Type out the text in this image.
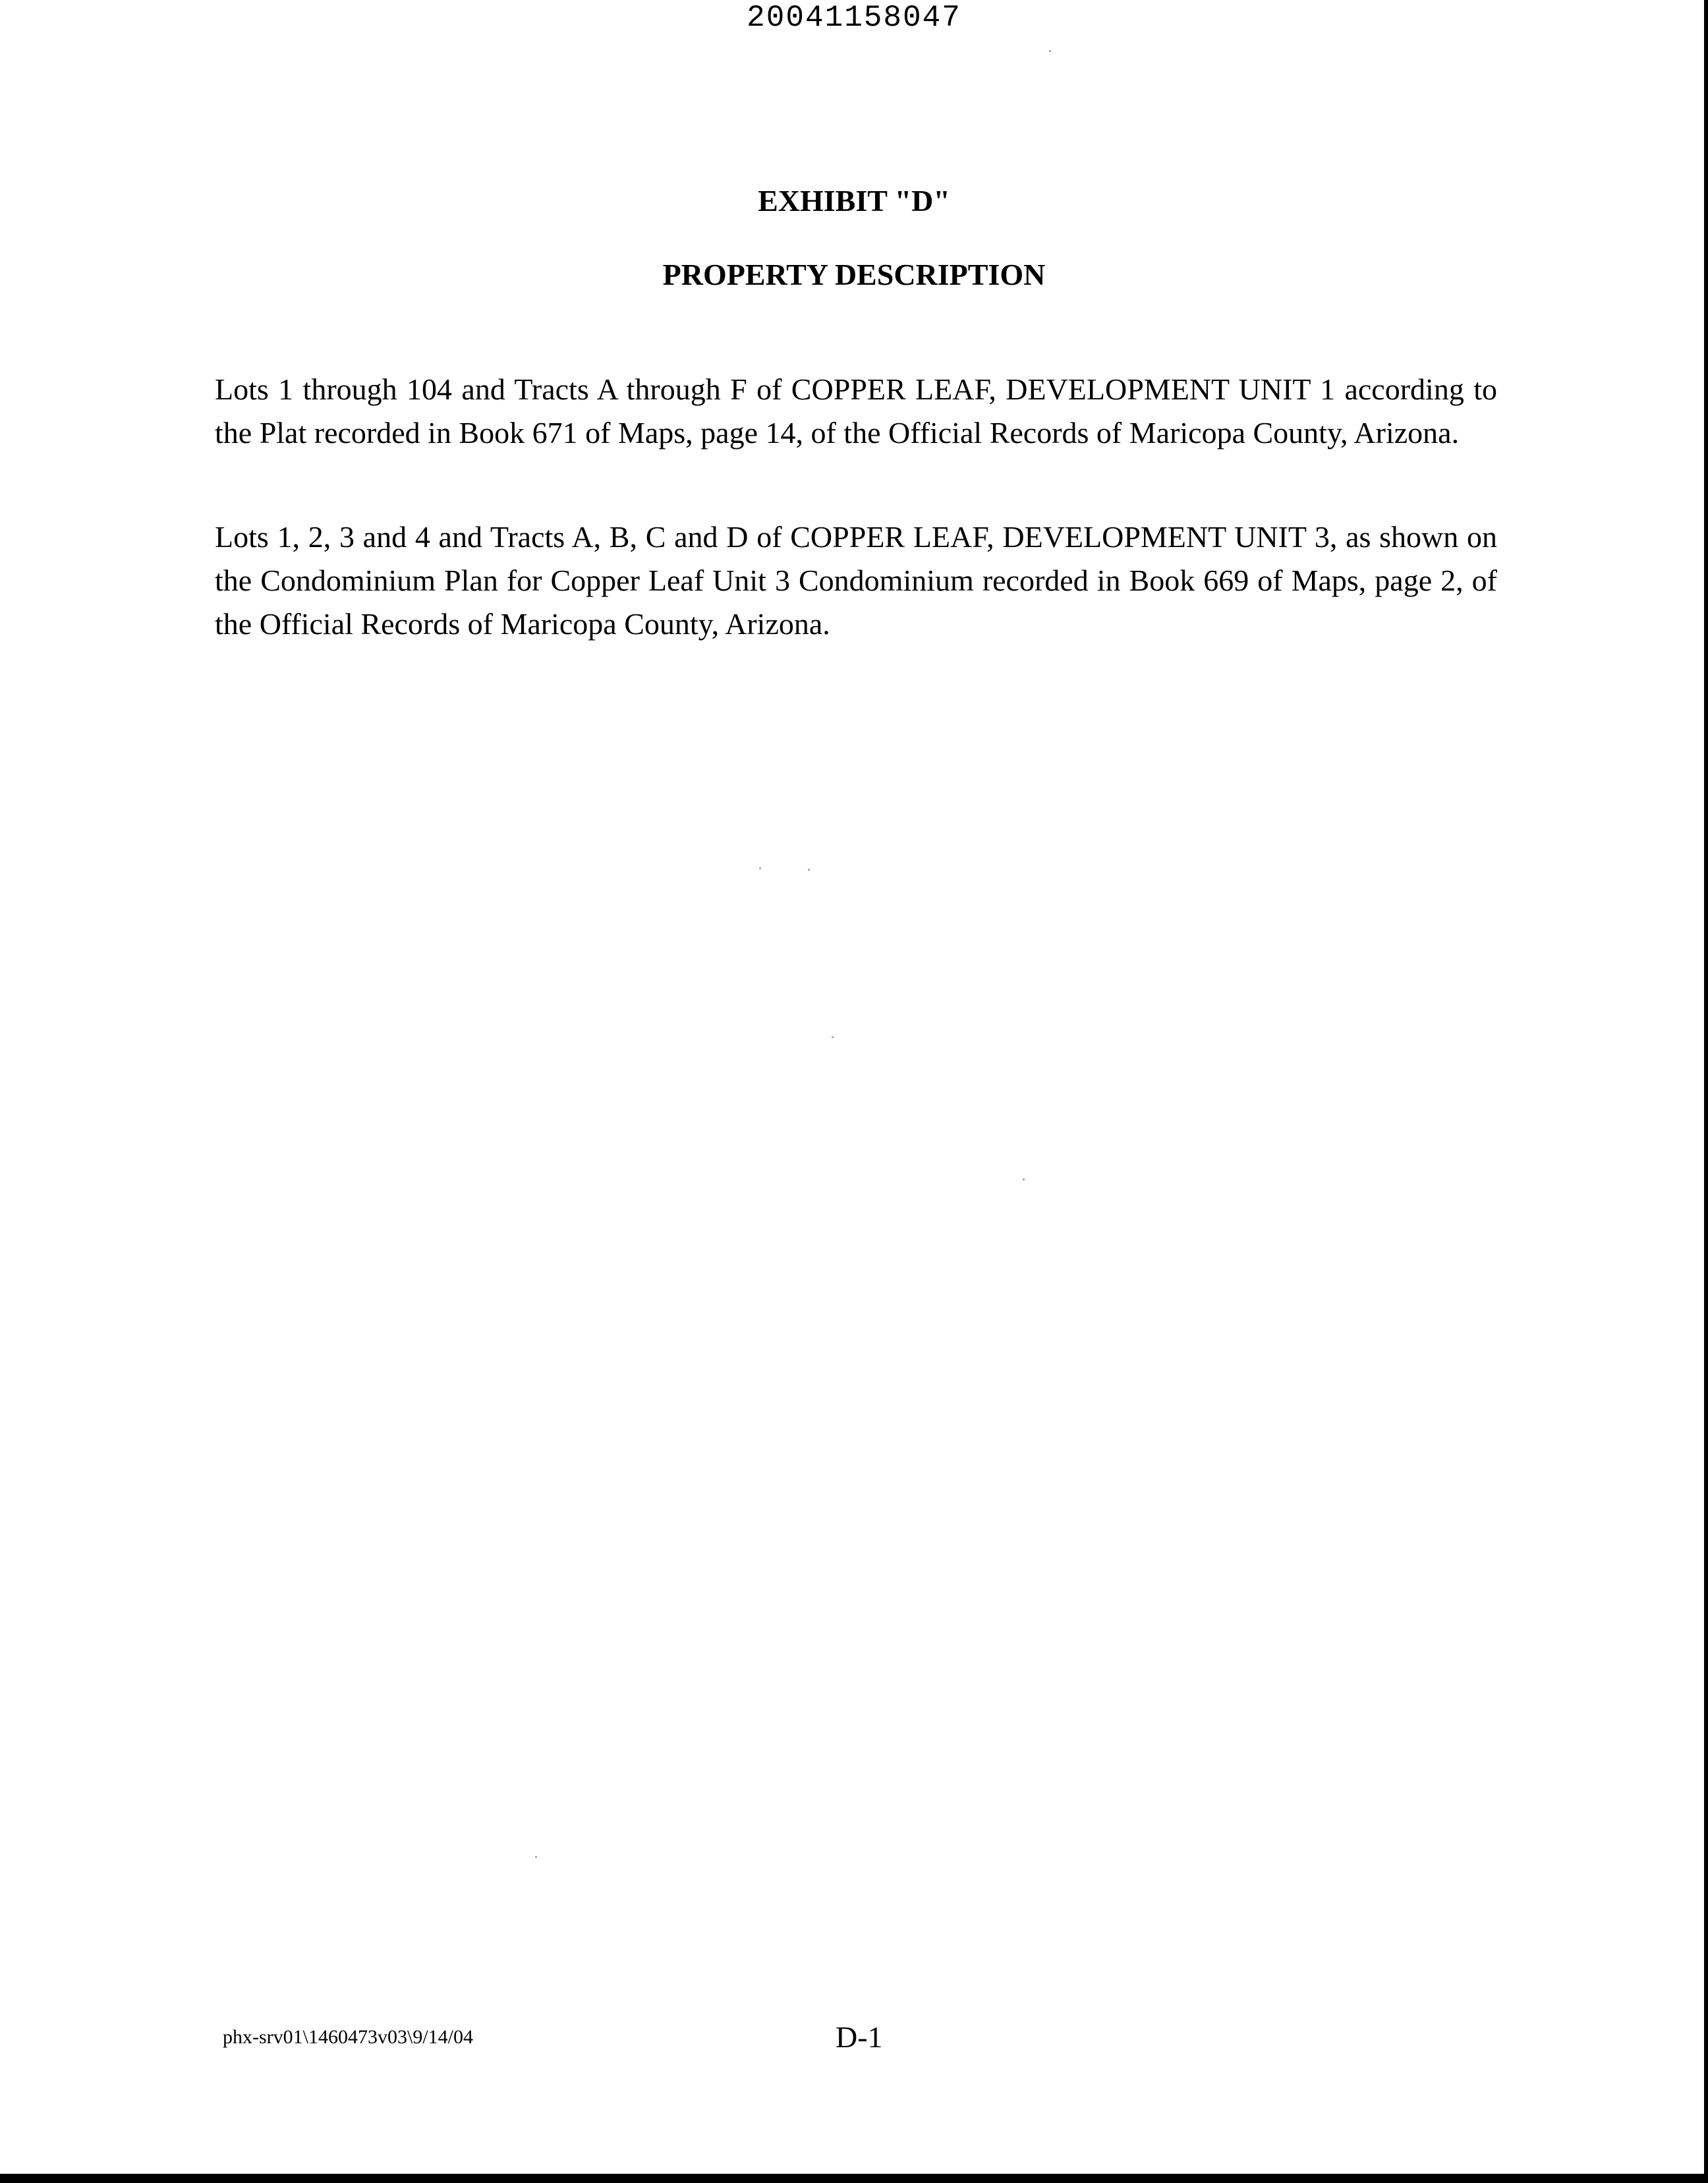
20041158047
EXHIBIT "D"
PROPERTY DESCRIPTION

Lots 1 through 104 and Tracts A through F of COPPER LEAF, DEVELOPMENT UNIT 1 according to the Plat recorded in Book 671 of Maps, page 14, of the Official Records of Maricopa County, Arizona.

Lots 1, 2, 3 and 4 and Tracts A, B, C and D of COPPER LEAF, DEVELOPMENT UNIT 3, as shown on the Condominium Plan for Copper Leaf Unit 3 Condominium recorded in Book 669 of Maps, page 2, of the Official Records of Maricopa County, Arizona.

phx-srv01\1460473v03\9/14/04	D-1
